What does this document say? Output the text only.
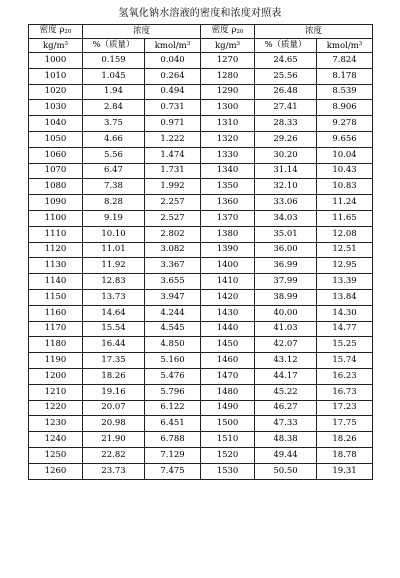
氢氧化钠水溶液的密度和浓度对照表
密度 ρ20	浓度		密度 ρ20	浓度	
$kg/m^3$	%（质量）	kmol/$m^3$	$kg/m^3$	%（质量）	kmol/$m^3$
1000	0.159	0.040	1270	24.65	7.824
1010	1.045	0.264	1280	25.56	8.178
1020	1.94	0.494	1290	26.48	8.539
1030	2.84	0.731	1300	27.41	8.906
1040	3.75	0.971	1310	28.33	9.278
1050	4.66	1.222	1320	29.26	9.656
1060	5.56	1.474	1330	30.20	10.04
1070	6.47	1.731	1340	31.14	10.43
1080	7.38	1.992	1350	32.10	10.83
1090	8.28	2.257	1360	33.06	11.24
1100	9.19	2.527	1370	34.03	11.65
1110	10.10	2.802	1380	35.01	12.08
1120	11.01	3.082	1390	36.00	12.51
1130	11.92	3.367	1400	36.99	12.95
1140	12.83	3.655	1410	37.99	13.39
1150	13.73	3.947	1420	38.99	13.84
1160	14.64	4.244	1430	40.00	14.30
1170	15.54	4.545	1440	41.03	14.77
1180	16.44	4.850	1450	42.07	15.25
1190	17.35	5.160	1460	43.12	15.74
1200	18.26	5.476	1470	44.17	16.23
1210	19.16	5.796	1480	45.22	16.73
1220	20.07	6.122	1490	46.27	17.23
1230	20.98	6.451	1500	47.33	17.75
1240	21.90	6.788	1510	48.38	18.26
1250	22.82	7.129	1520	49.44	18.78
1260	23.73	7.475	1530	50.50	19.31
